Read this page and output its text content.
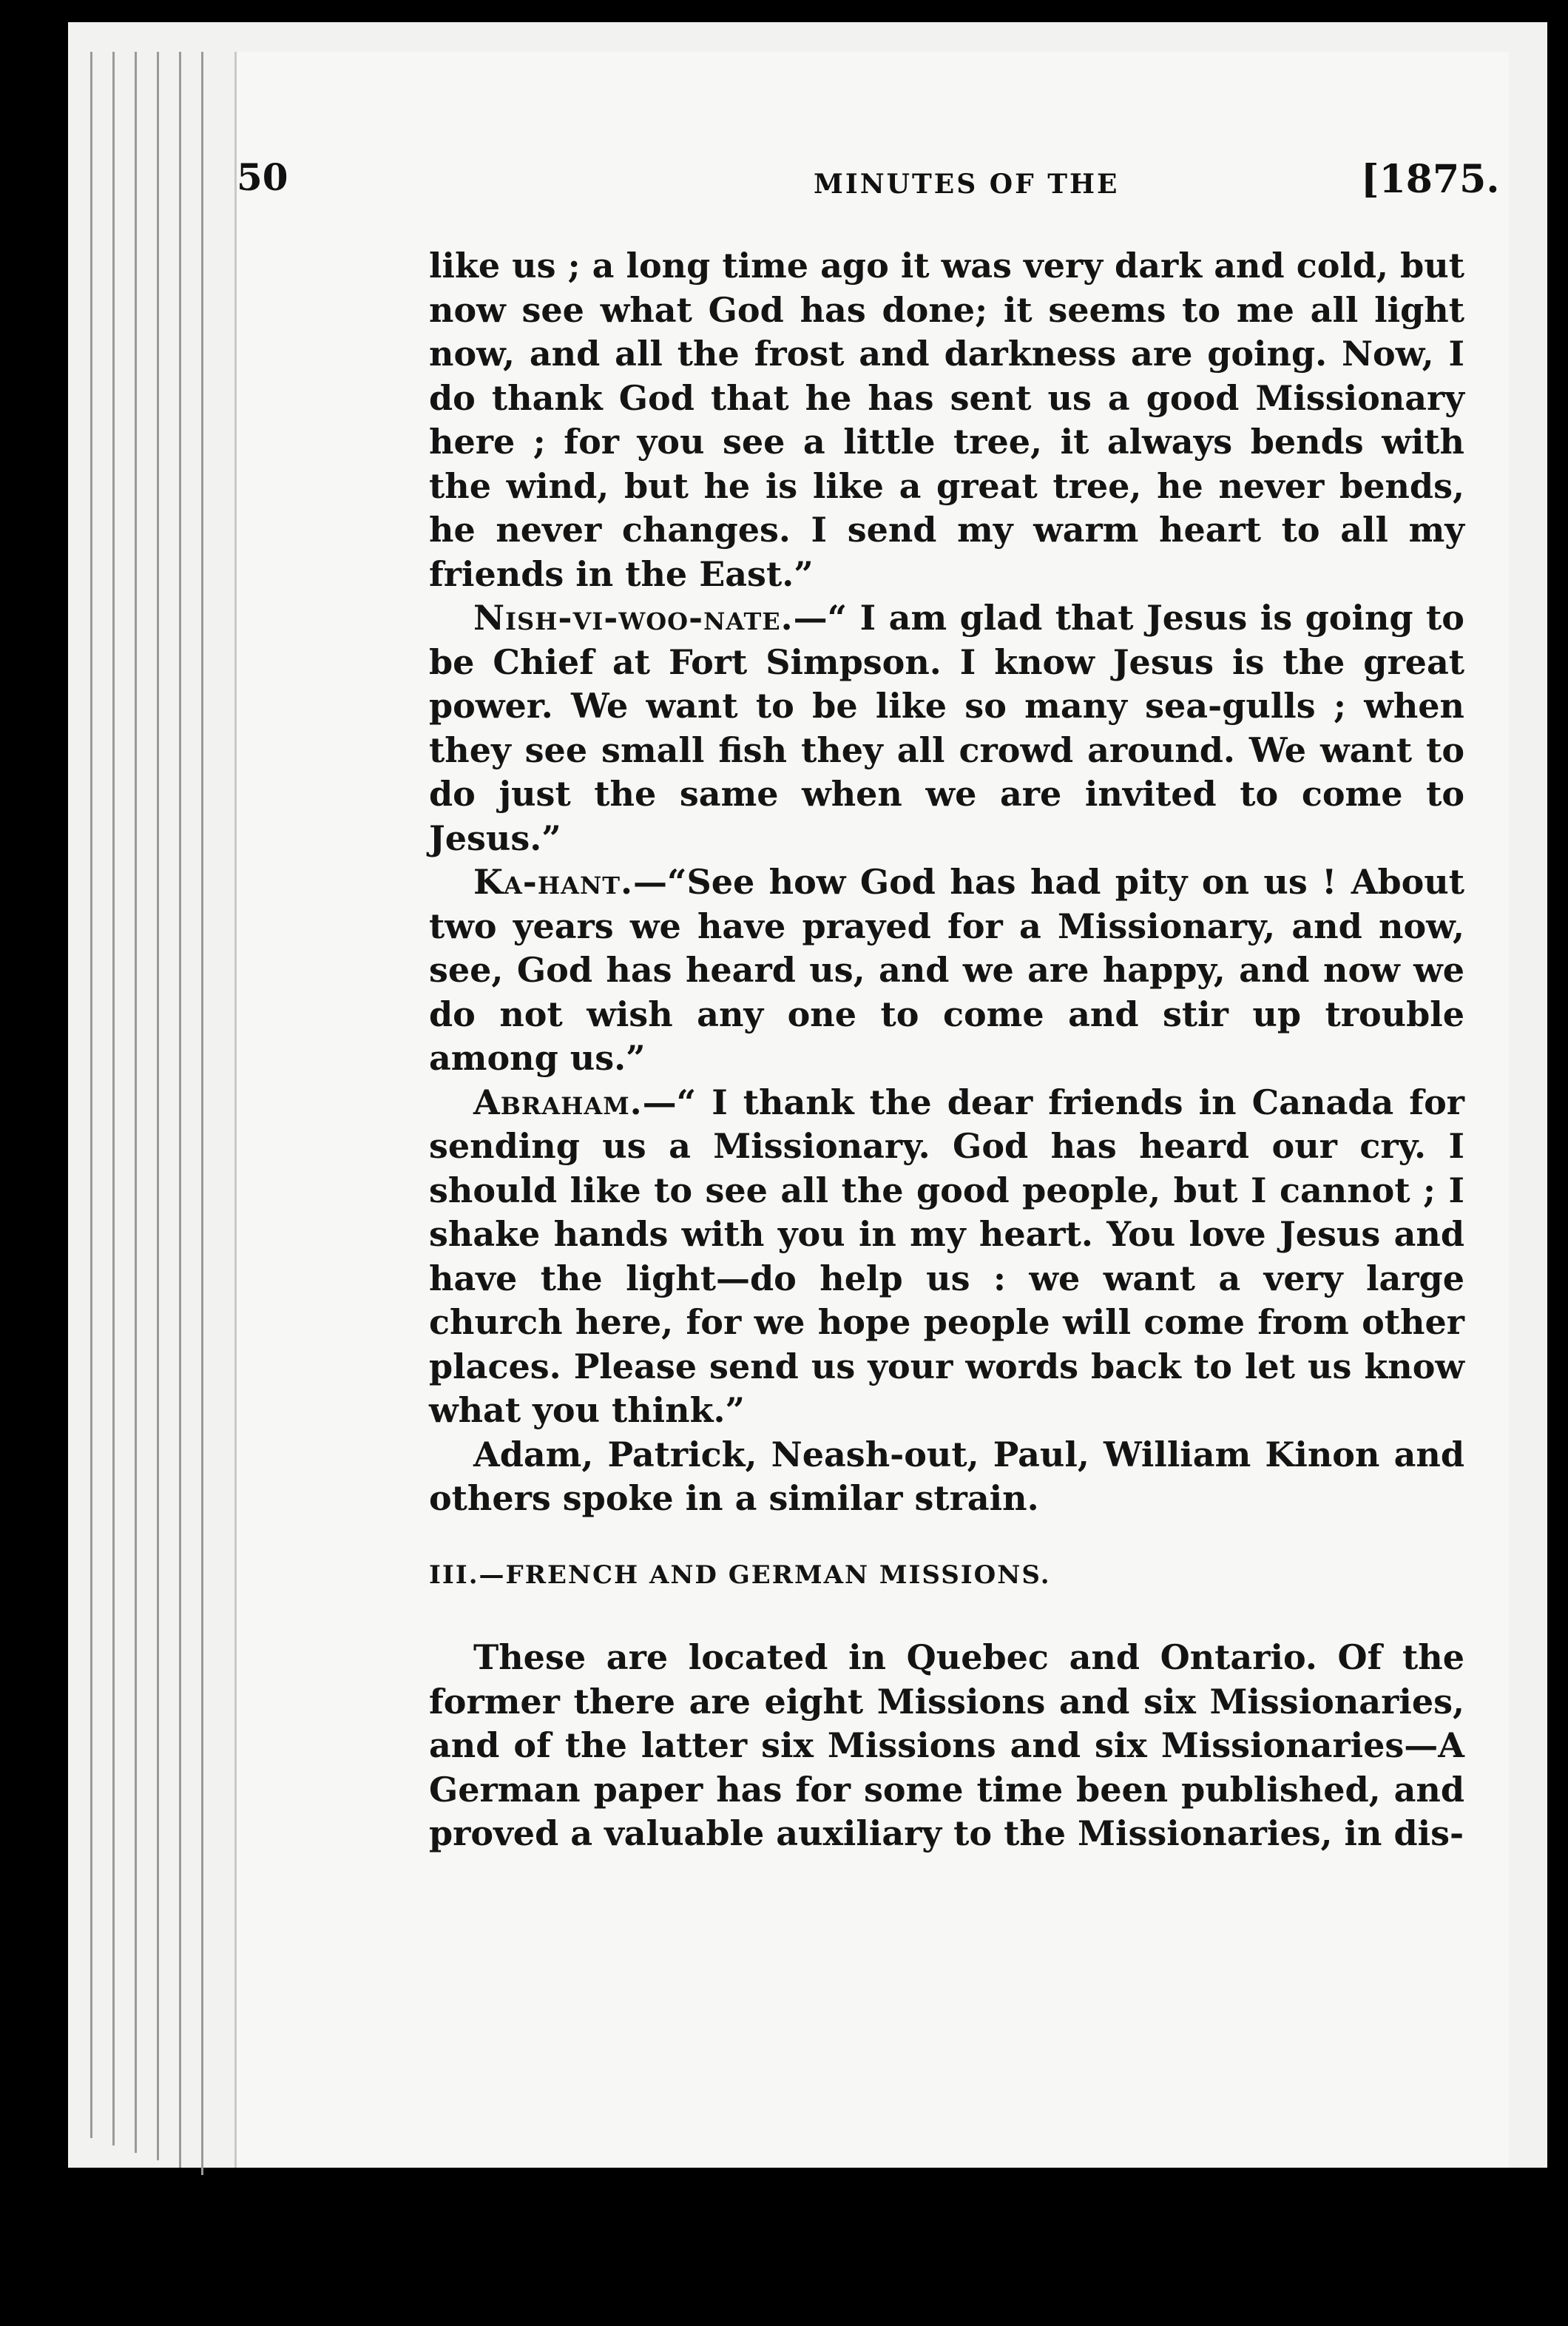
50	MINUTES OF THE	[1875.

like us ; a long time ago it was very dark and cold, but now see what God has done; it seems to me all light now, and all the frost and darkness are going. Now, I do thank God that he has sent us a good Missionary here ; for you see a little tree, it always bends with the wind, but he is like a great tree, he never bends, he never changes. I send my warm heart to all my friends in the East.”

Nish-vi-woo-nate.—“ I am glad that Jesus is going to be Chief at Fort Simpson. I know Jesus is the great power. We want to be like so many sea-gulls ; when they see small fish they all crowd around. We want to do just the same when we are invited to come to Jesus.”

Ka-hant.—“See how God has had pity on us ! About two years we have prayed for a Missionary, and now, see, God has heard us, and we are happy, and now we do not wish any one to come and stir up trouble among us.”

Abraham.—“ I thank the dear friends in Canada for sending us a Missionary. God has heard our cry. I should like to see all the good people, but I cannot ; I shake hands with you in my heart. You love Jesus and have the light—do help us : we want a very large church here, for we hope people will come from other places. Please send us your words back to let us know what you think.”

Adam, Patrick, Neash-out, Paul, William Kinon and others spoke in a similar strain.

III.—FRENCH AND GERMAN MISSIONS.

These are located in Quebec and Ontario. Of the former there are eight Missions and six Missionaries, and of the latter six Missions and six Missionaries—A German paper has for some time been published, and proved a valuable auxiliary to the Missionaries, in dis-
